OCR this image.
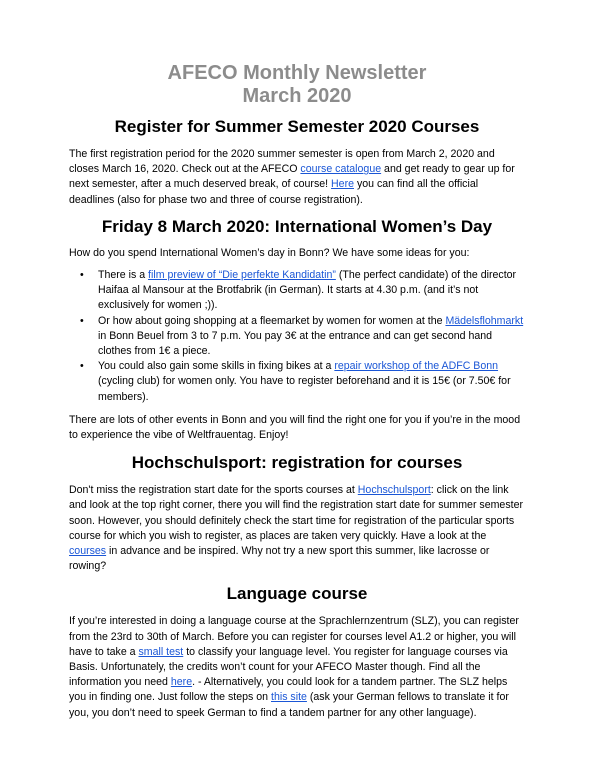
AFECO Monthly Newsletter
March 2020
Register for Summer Semester 2020 Courses

The first registration period for the 2020 summer semester is open from March 2, 2020 and closes March 16, 2020. Check out at the AFECO course catalogue and get ready to gear up for next semester, after a much deserved break, of course! Here you can find all the official deadlines (also for phase two and three of course registration).

Friday 8 March 2020: International Women’s Day

How do you spend International Women’s day in Bonn? We have some ideas for you:

• There is a film preview of “Die perfekte Kandidatin” (The perfect candidate) of the director Haifaa al Mansour at the Brotfabrik (in German). It starts at 4.30 p.m. (and it’s not exclusively for women ;)).
• Or how about going shopping at a fleemarket by women for women at the Mädelsflohmarkt in Bonn Beuel from 3 to 7 p.m. You pay 3€ at the entrance and can get second hand clothes from 1€ a piece.
• You could also gain some skills in fixing bikes at a repair workshop of the ADFC Bonn (cycling club) for women only. You have to register beforehand and it is 15€ (or 7.50€ for members).

There are lots of other events in Bonn and you will find the right one for you if you’re in the mood to experience the vibe of Weltfrauentag. Enjoy!

Hochschulsport: registration for courses

Don't miss the registration start date for the sports courses at Hochschulsport: click on the link and look at the top right corner, there you will find the registration start date for summer semester soon. However, you should definitely check the start time for registration of the particular sports course for which you wish to register, as places are taken very quickly. Have a look at the courses in advance and be inspired. Why not try a new sport this summer, like lacrosse or rowing?

Language course

If you’re interested in doing a language course at the Sprachlernzentrum (SLZ), you can register from the 23rd to 30th of March. Before you can register for courses level A1.2 or higher, you will have to take a small test to classify your language level. You register for language courses via Basis. Unfortunately, the credits won’t count for your AFECO Master though. Find all the information you need here. - Alternatively, you could look for a tandem partner. The SLZ helps you in finding one. Just follow the steps on this site (ask your German fellows to translate it for you, you don’t need to speek German to find a tandem partner for any other language).
